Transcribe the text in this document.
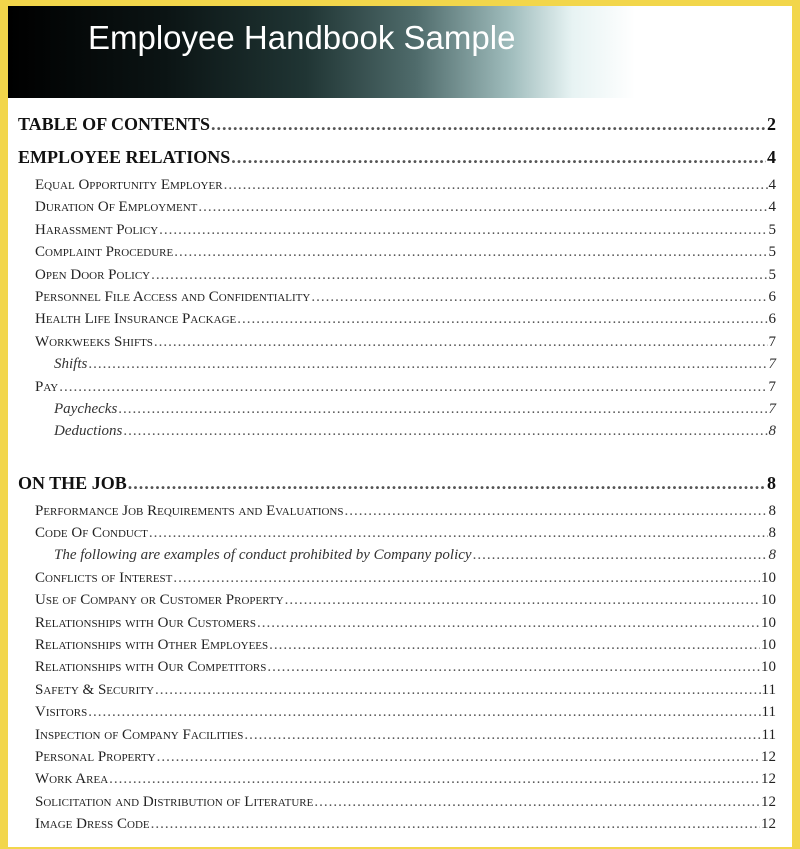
Employee Handbook Sample
TABLE OF CONTENTS .....	2
EMPLOYEE RELATIONS .....	4
Equal Opportunity Employer .....	4
Duration Of Employment .....	4
Harassment Policy .....	5
Complaint Procedure .....	5
Open Door Policy .....	5
Personnel File Access and Confidentiality .....	6
Health Life Insurance Package .....	6
Workweeks Shifts .....	7
Shifts .....	7
Pay .....	7
Paychecks .....	7
Deductions .....	8
ON THE JOB .....	8
Performance Job Requirements and Evaluations .....	8
Code Of Conduct .....	8
The following are examples of conduct prohibited by Company policy .....	8
Conflicts of Interest .....	10
Use of Company or Customer Property .....	10
Relationships with Our Customers .....	10
Relationships with Other Employees .....	10
Relationships with Our Competitors .....	10
Safety & Security .....	11
Visitors .....	11
Inspection of Company Facilities .....	11
Personal Property .....	12
Work Area .....	12
Solicitation and Distribution of Literature .....	12
Image Dress Code .....	12
